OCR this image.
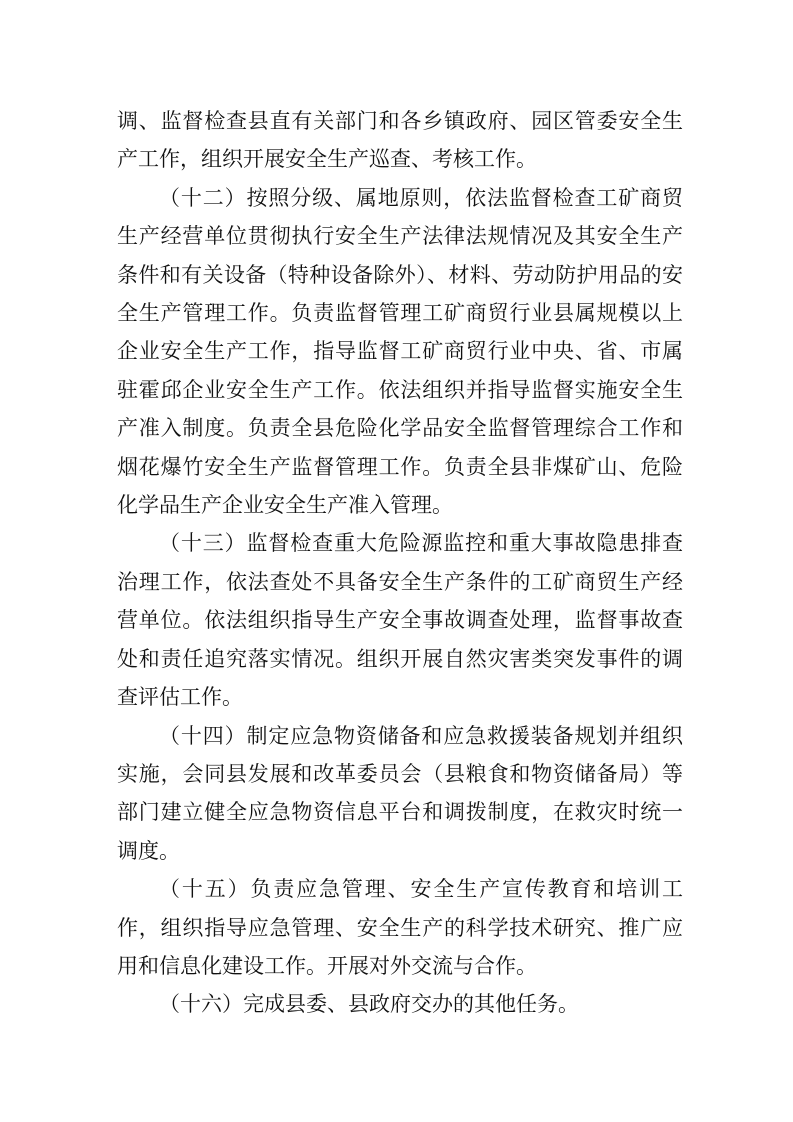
调、监督检查县直有关部门和各乡镇政府、园区管委安全生产工作，组织开展安全生产巡查、考核工作。

（十二）按照分级、属地原则，依法监督检查工矿商贸生产经营单位贯彻执行安全生产法律法规情况及其安全生产条件和有关设备（特种设备除外）、材料、劳动防护用品的安全生产管理工作。负责监督管理工矿商贸行业县属规模以上企业安全生产工作，指导监督工矿商贸行业中央、省、市属驻霍邱企业安全生产工作。依法组织并指导监督实施安全生产准入制度。负责全县危险化学品安全监督管理综合工作和烟花爆竹安全生产监督管理工作。负责全县非煤矿山、危险化学品生产企业安全生产准入管理。

（十三）监督检查重大危险源监控和重大事故隐患排查治理工作，依法查处不具备安全生产条件的工矿商贸生产经营单位。依法组织指导生产安全事故调查处理，监督事故查处和责任追究落实情况。组织开展自然灾害类突发事件的调查评估工作。

（十四）制定应急物资储备和应急救援装备规划并组织实施，会同县发展和改革委员会（县粮食和物资储备局）等部门建立健全应急物资信息平台和调拨制度，在救灾时统一调度。

（十五）负责应急管理、安全生产宣传教育和培训工作，组织指导应急管理、安全生产的科学技术研究、推广应用和信息化建设工作。开展对外交流与合作。

（十六）完成县委、县政府交办的其他任务。
